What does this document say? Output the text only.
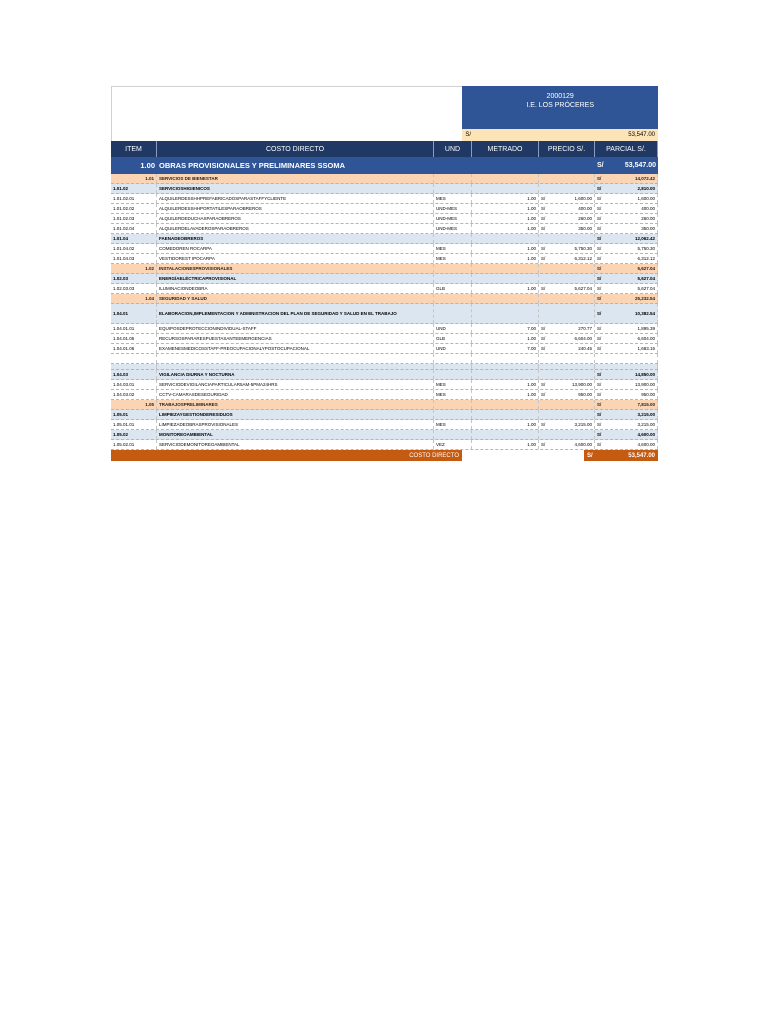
2000129
I.E. LOS PRÓCERES
S/	53,547.00
ITEM	COSTO DIRECTO	UND	METRADO	PRECIO S/.	PARCIAL S/.
1.00 OBRAS PROVISIONALES Y PRELIMINARES SSOMA	S/	53,547.00
1.01	SERVICIOS DE BIENESTAR	S/	14,072.42
1.01.02	SERVICIOSHIGIENICOS	S/	2,810.00
1.01.02.01	ALQUILERDESSHHPREFABRICADOSPARASTAFFYCLIENTE	MES	1.00 S/	1,600.00 S/	1,600.00
1.01.02.02	ALQUILERDESSHHPORTATILESPARAOBREROS	UND-MES	1.00 S/	400.00 S/	400.00
1.01.02.03	ALQUILERDEDUCHASPARAOBREROS	UND-MES	1.00 S/	260.00 S/	260.00
1.01.02.04	ALQUILERDELAVADEROSPARAOBREROS	UND-MES	1.00 S/	350.00 S/	350.00
1.01.04	FAENADEOBREROS	S/	12,062.42
1.01.04.02	COMEDOREN ROCARPA	MES	1.00 S/	5,750.30 S/	5,750.30
1.01.04.03	VESTIDOREST IPOCARPA	MES	1.00 S/	6,312.12 S/	6,312.12
1.02	INSTALACIONESPROVISIONALES	S/	5,627.04
1.02.03	ENERGÍAELÉCTRICAPROVISIONAL	S/	5,627.04
1.02.03.03	ILUMINACIONDEOBRA	GLB	1.00 S/	5,627.04 S/	5,627.04
1.04	SEGURIDAD Y SALUD	S/	25,232.54
1.04.01	ELABORACION,IMPLEMENTACION Y ADMINISTRACION DEL PLAN DE SEGURIDAD Y SALUD EN EL TRABAJO	S/	10,382.54
1.04.01.01	EQUIPOSDEPROTECCIONINDIVIDUAL-STAFF	UND	7.00 S/	270.77 S/	1,895.39
1.04.01.05	RECURSOSPARARESPUESTASANTEEMERGENCIAS	GLB	1.00 S/	6,604.00 S/	6,604.00
1.04.01.06	EXAMENESMEDICOSSTAFF-PREOCUPACIONALYPOSTOCUPACIONAL	UND	7.00 S/	240.45 S/	1,683.15
1.04.03	VIGILANCIA DIURNA Y NOCTURNA	S/	14,850.00
1.04.03.01	SERVICIODEVIGILANCIAPARTICULAR5AM-5PMA24HRS	MES	1.00 S/	13,900.00 S/	13,900.00
1.04.03.02	CCTV-CAMARASDESEGURIDAD	MES	1.00 S/	950.00 S/	950.00
1.05	TRABAJOSPRELIMINARES	S/	7,815.00
1.05.01	LIMPIEZAYGESTIONDERESIDUOS	S/	3,215.00
1.05.01.01	LIMPIEZADEOBRASPROVISIONALES	MES	1.00 S/	3,215.00 S/	3,215.00
1.05.02	MONITOREOAMBIENTAL	S/	4,600.00
1.05.02.01	SERVICIODEMONITOREOAMBIENTAL	VEZ	1.00 S/	4,600.00 S/	4,600.00
COSTO DIRECTO	S/	53,547.00
